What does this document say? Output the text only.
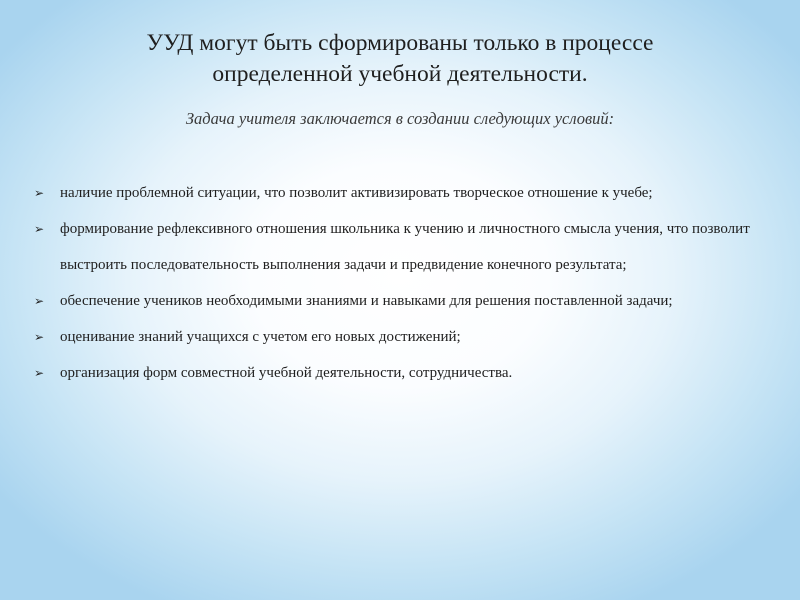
УУД могут быть сформированы только в процессе
определенной учебной деятельности.

Задача учителя заключается в создании следующих условий:

➢	наличие проблемной ситуации, что позволит активизировать творческое отношение к учебе;
➢	формирование рефлексивного отношения школьника к учению и личностного смысла учения, что позволит выстроить последовательность выполнения задачи и предвидение конечного результата;
➢	обеспечение учеников необходимыми знаниями и навыками для решения поставленной задачи;
➢	оценивание знаний учащихся с учетом его новых достижений;
➢	организация форм совместной учебной деятельности, сотрудничества.
